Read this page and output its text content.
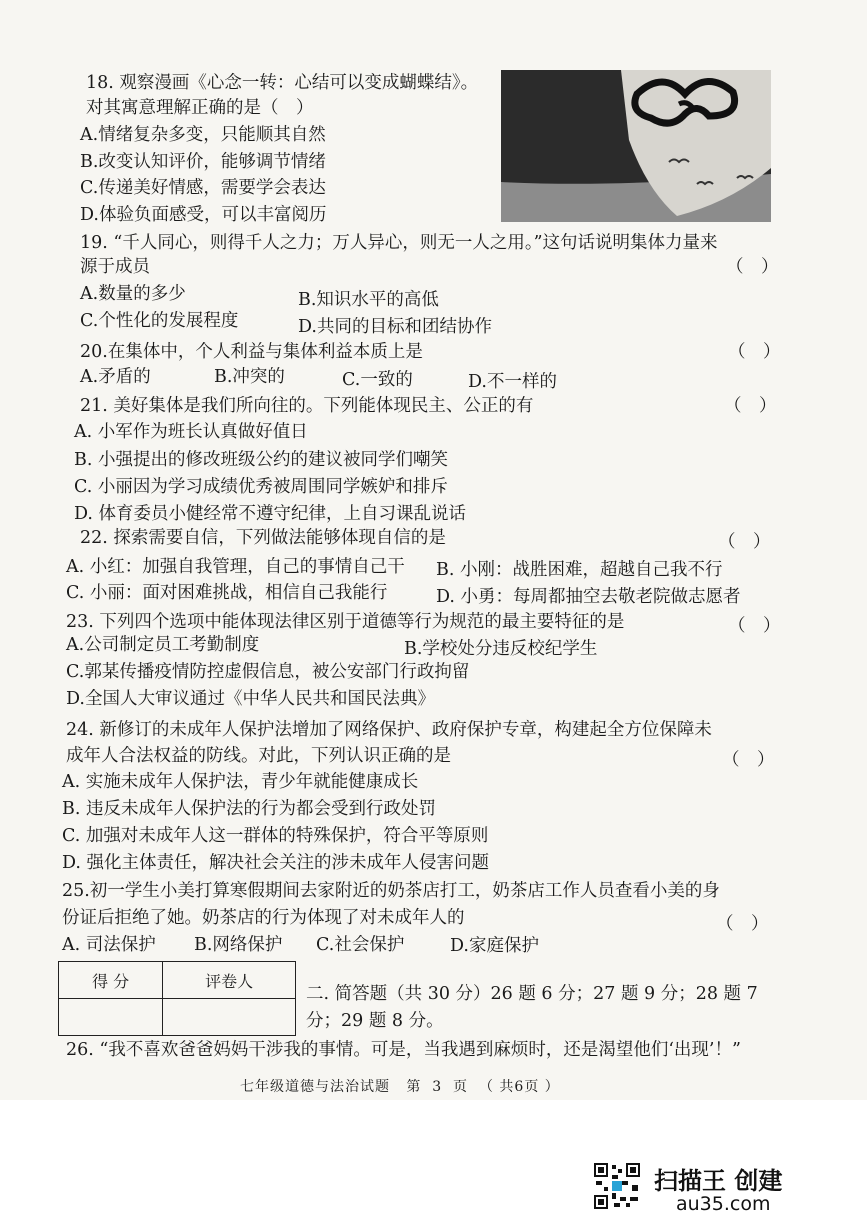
18. 观察漫画《心念一转：心结可以变成蝴蝶结》。
对其寓意理解正确的是（　）
A.情绪复杂多变，只能顺其自然
B.改变认知评价，能够调节情绪
C.传递美好情感，需要学会表达
D.体验负面感受，可以丰富阅历
19. “千人同心，则得千人之力；万人异心，则无一人之用。”这句话说明集体力量来
源于成员	（　）
A.数量的多少	B.知识水平的高低
C.个性化的发展程度	D.共同的目标和团结协作
20.在集体中，个人利益与集体利益本质上是	（　）
A.矛盾的	B.冲突的	C.一致的	D.不一样的
21. 美好集体是我们所向往的。下列能体现民主、公正的有	（　）
A. 小军作为班长认真做好值日
B. 小强提出的修改班级公约的建议被同学们嘲笑
C. 小丽因为学习成绩优秀被周围同学嫉妒和排斥
D. 体育委员小健经常不遵守纪律，上自习课乱说话
22. 探索需要自信，下列做法能够体现自信的是	（　）
A. 小红：加强自我管理，自己的事情自己干 B. 小刚：战胜困难，超越自己我不行
C. 小丽：面对困难挑战，相信自己我能行	D. 小勇：每周都抽空去敬老院做志愿者
23. 下列四个选项中能体现法律区别于道德等行为规范的最主要特征的是	（　）
A.公司制定员工考勤制度	B.学校处分违反校纪学生
C.郭某传播疫情防控虚假信息，被公安部门行政拘留
D.全国人大审议通过《中华人民共和国民法典》
24. 新修订的未成年人保护法增加了网络保护、政府保护专章，构建起全方位保障未
成年人合法权益的防线。对此，下列认识正确的是	（　）
A. 实施未成年人保护法，青少年就能健康成长
B. 违反未成年人保护法的行为都会受到行政处罚
C. 加强对未成年人这一群体的特殊保护，符合平等原则
D. 强化主体责任，解决社会关注的涉未成年人侵害问题
25.初一学生小美打算寒假期间去家附近的奶茶店打工，奶茶店工作人员查看小美的身
份证后拒绝了她。奶茶店的行为体现了对未成年人的	（　）
A. 司法保护 B.网络保护 C.社会保护	D.家庭保护
得 分	评卷人

二. 简答题（共 30 分）26 题 6 分；27 题 9 分；28 题 7
分；29 题 8 分。
26. “我不喜欢爸爸妈妈干涉我的事情。可是，当我遇到麻烦时，还是渴望他们‘出现’！”
七年级道德与法治试题   第  3  页  （ 共6页 ）
扫描王 创建
au35.com
